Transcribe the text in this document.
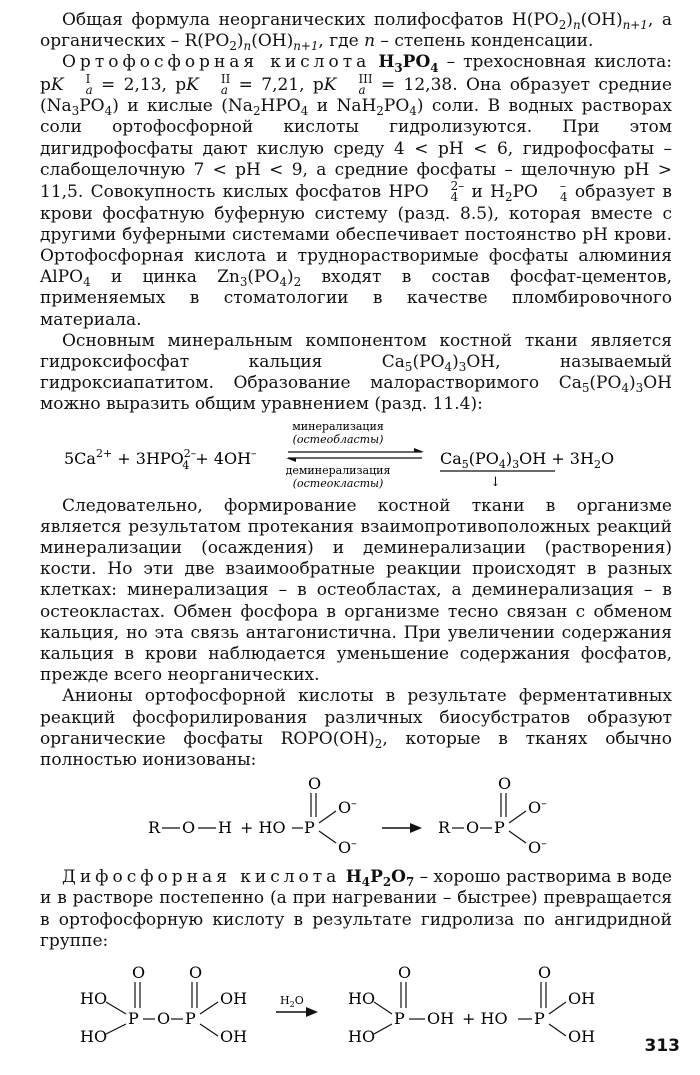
Общая формула неорганических полифосфатов $H(PO_2)_n(OH)_{n+1}$, а органических – $R(PO_2)_n(OH)_{n+1}$, где n – степень конденсации.

Ортофосфорная кислота $H_3PO_4$ – трехосновная кислота: pK	I
a = 2,13, pK	II
a = 7,21, pK	III
a = 12,38. Она образует средние $(Na_3PO_4)$ и кислые ($Na_2HPO_4$ и $NaH_2PO_4$) соли. В водных растворах соли ортофосфорной кислоты гидролизуются. При этом дигидрофосфаты дают кислую среду 4 < pH < 6, гидрофосфаты – слабощелочную 7 < pH < 9, а средние фосфаты – щелочную pH > 11,5. Совокупность кислых фосфатов HPO	2–
4 и $H_2PO$	–
4 образует в крови фосфатную буферную систему (разд. 8.5), которая вместе с другими буферными системами обеспечивает постоянство pH крови. Ортофосфорная кислота и труднорастворимые фосфаты алюминия AlPO$_4$ и цинка $Zn_3(PO_4)_2$ входят в состав фосфат-цементов, применяемых в стоматологии в качестве пломбировочного материала.

Основным минеральным компонентом костной ткани является гидроксифосфат кальция $Ca_5(PO_4)_3OH$, называемый гидроксиапатитом. Образование малорастворимого $Ca_5(PO_4)_3OH$ можно выразить общим уравнением (разд. 11.4):

$5Ca^{2+} + 3HPO^{2-}$ 4 + 4OH–
минерализация
(остеобласты)
деминерализация
(остеокласты)
$Ca_5(PO_4)_3OH + 3H_2O$
↓

Следовательно, формирование костной ткани в организме является результатом протекания взаимопротивоположных реакций минерализации (осаждения) и деминерализации (растворения) кости. Но эти две взаимообратные реакции происходят в разных клетках: минерализация – в остеобластах, а деминерализация – в остеокластах. Обмен фосфора в организме тесно связан с обменом кальция, но эта связь антагонистична. При увеличении содержания кальция в крови наблюдается уменьшение содержания фосфатов, прежде всего неорганических.

Анионы ортофосфорной кислоты в результате ферментативных реакций фосфорилирования различных биосубстратов образуют органические фосфаты $ROPO(OH)_2$, которые в тканях обычно полностью ионизованы:

R O H + HO P
O
O–
O–
R O P
O
O–
O–

Дифосфорная кислота $H_4P_2O_7$ – хорошо растворима в воде и в растворе постепенно (а при нагревании – быстрее) превращается в ортофосфорную кислоту в результате гидролиза по ангидридной группе:

HO
HO
P
O
O P
O
OH
OH
$H_2O$	HO
HO
P
O
OH + HO P
O
OH
OH	313
